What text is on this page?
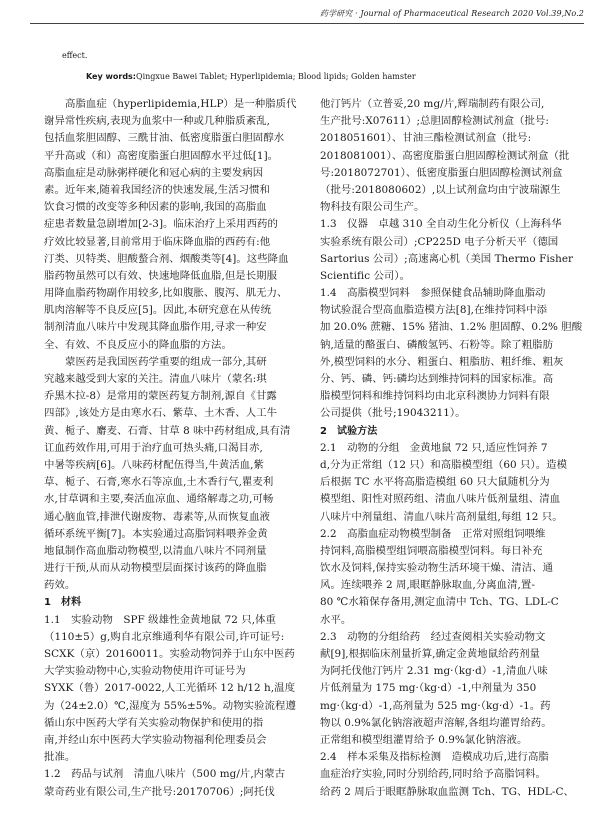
药学研究 · Journal of Pharmaceutical Research 2020 Vol.39,No.2
effect.
Key words:Qingxue Bawei Tablet; Hyperlipidemia; Blood lipids; Golden hamster
高脂血症（hyperlipidemia,HLP）是一种脂质代
谢异常性疾病,表现为血浆中一种或几种脂质紊乱,
包括血浆胆固醇、三酰甘油、低密度脂蛋白胆固醇水
平升高或（和）高密度脂蛋白胆固醇水平过低[1]。
高脂血症是动脉粥样硬化和冠心病的主要发病因
素。近年来,随着我国经济的快速发展,生活习惯和
饮食习惯的改变等多种因素的影响,我国的高脂血
症患者数量急剧增加[2-3]。临床治疗上采用西药的
疗效比较显著,目前常用于临床降血脂的西药有:他
汀类、贝特类、胆酸螯合剂、烟酸类等[4]。这些降血
脂药物虽然可以有效、快速地降低血脂,但是长期服
用降血脂药物副作用较多,比如腹胀、腹泻、肌无力、
肌肉溶解等不良反应[5]。因此,本研究意在从传统
制剂清血八味片中发现其降血脂作用,寻求一种安
全、有效、不良反应小的降血脂的方法。
蒙医药是我国医药学重要的组成一部分,其研
究越来越受到大家的关注。清血八味片（蒙名:琪
乔黑木拉-8）是常用的蒙医药复方制剂,源自《甘露
四部》,该处方是由寒水石、紫草、土木香、人工牛
黄、栀子、麝麦、石膏、甘草 8 味中药材组成,具有清
讧血药效作用,可用于治疗血可热头痛,口渴目赤,
中暑等疾病[6]。八味药材配伍得当,牛黄活血,紫
草、栀子、石膏,寒水石等凉血,土木香行气,瞿麦利
水,甘草调和主要,奏活血凉血、通络解毒之功,可畅
通心脑血管,排泄代谢废物、毒素等,从而恢复血液
循环系统平衡[7]。本实验通过高脂饲料喂养金黄
地鼠制作高血脂动物模型,以清血八味片不同剂量
进行干预,从而从动物模型层面探讨该药的降血脂
药效。
1　材料
1.1　实验动物　SPF 级雄性金黄地鼠 72 只,体重
（110±5）g,购自北京维通利华有限公司,许可证号:
SCXK（京）20160011。实验动物饲养于山东中医药
大学实验动物中心,实验动物使用许可证号为
SYXK（鲁）2017-0022,人工光循环 12 h/12 h,温度
为（24±2.0）℃,湿度为 55%±5%。动物实验流程遵
循山东中医药大学有关实验动物保护和使用的指
南,并经山东中医药大学实验动物福利伦理委员会
批准。
1.2　药品与试剂　清血八味片（500 mg/片,内蒙古
蒙奇药业有限公司,生产批号:20170706）;阿托伐
他汀钙片（立普妥,20 mg/片,辉瑞制药有限公司,
生产批号:X07611）;总胆固醇检测试剂盒（批号:
2018051601）、甘油三酯检测试剂盒（批号:
2018081001）、高密度脂蛋白胆固醇检测试剂盒（批
号:2018072701）、低密度脂蛋白胆固醇检测试剂盒
（批号:2018080602）,以上试剂盒均由宁波瑞源生
物科技有限公司生产。
1.3　仪器　卓越 310 全自动生化分析仪（上海科华
实验系统有限公司）;CP225D 电子分析天平（德国
Sartorius 公司）;高速离心机（美国 Thermo Fisher
Scientific 公司）。
1.4　高脂模型饲料　参照保健食品辅助降血脂动
物试验混合型高血脂造模方法[8],在维持饲料中添
加 20.0% 蔗糖、15% 猪油、1.2% 胆固醇、0.2% 胆酸
钠,适量的酪蛋白、磷酸氢钙、石粉等。除了粗脂肪
外,模型饲料的水分、粗蛋白、粗脂肪、粗纤维、粗灰
分、钙、磷、钙:磷均达到维持饲料的国家标准。高
脂模型饲料和维持饲料均由北京科澳协力饲料有限
公司提供（批号;19043211）。
2　试验方法
2.1　动物的分组　金黄地鼠 72 只,适应性饲养 7
d,分为正常组（12 只）和高脂模型组（60 只）。造模
后根据 TC 水平将高脂造模组 60 只大鼠随机分为
模型组、阳性对照药组、清血八味片低剂量组、清血
八味片中剂量组、清血八味片高剂量组,每组 12 只。
2.2　高脂血症动物模型制备　正常对照组饲喂维
持饲料,高脂模型组饲喂高脂模型饲料。每日补充
饮水及饲料,保持实验动物生活环境干燥、清洁、通
风。连续喂养 2 周,眼眶静脉取血,分离血清,置-
80 ℃水箱保存备用,测定血清中 Tch、TG、LDL-C
水平。
2.3　动物的分组给药　经过查阅相关实验动物文
献[9],根据临床剂量折算,确定金黄地鼠给药剂量
为阿托伐他汀钙片 2.31 mg·（kg·d）-1,清血八味
片低剂量为 175 mg·（kg·d）-1,中剂量为 350
mg·（kg·d）-1,高剂量为 525 mg·（kg·d）-1。药
物以 0.9%氯化钠溶液超声溶解,各组均灌胃给药。
正常组和模型组灌胃给予 0.9%氯化钠溶液。
2.4　样本采集及指标检测　造模成功后,进行高脂
血症治疗实验,同时分别给药,同时给予高脂饲料。
给药 2 周后于眼眶静脉取血监测 Tch、TG、HDL-C、
